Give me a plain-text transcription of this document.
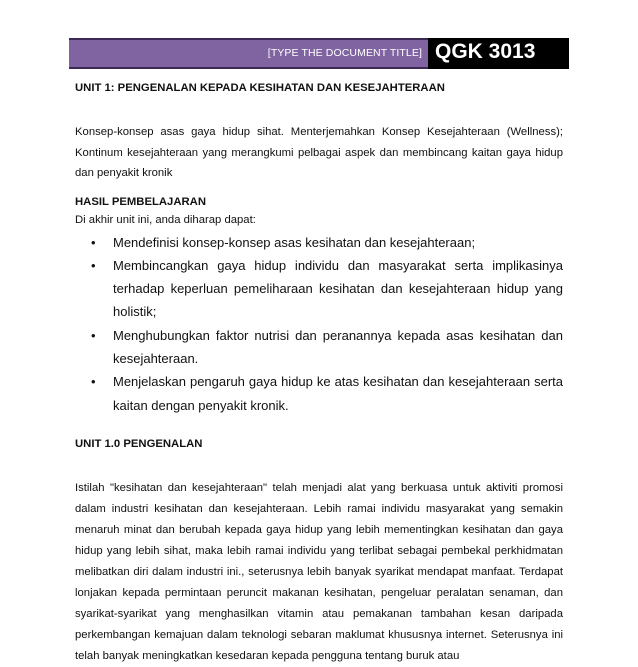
[TYPE THE DOCUMENT TITLE] QGK 3013

UNIT 1: PENGENALAN KEPADA KESIHATAN DAN KESEJAHTERAAN

Konsep-konsep asas gaya hidup sihat. Menterjemahkan Konsep Kesejahteraan (Wellness); Kontinum kesejahteraan yang merangkumi pelbagai aspek dan membincang kaitan gaya hidup dan penyakit kronik

HASIL PEMBELAJARAN

Di akhir unit ini, anda diharap dapat:

• Mendefinisi konsep-konsep asas kesihatan dan kesejahteraan;
• Membincangkan gaya hidup individu dan masyarakat serta implikasinya terhadap keperluan pemeliharaan kesihatan dan kesejahteraan hidup yang holistik;
• Menghubungkan faktor nutrisi dan peranannya kepada asas kesihatan dan kesejahteraan.
• Menjelaskan pengaruh gaya hidup ke atas kesihatan dan kesejahteraan serta kaitan dengan penyakit kronik.

UNIT 1.0 PENGENALAN

Istilah "kesihatan dan kesejahteraan" telah menjadi alat yang berkuasa untuk aktiviti promosi dalam industri kesihatan dan kesejahteraan. Lebih ramai individu masyarakat yang semakin menaruh minat dan berubah kepada gaya hidup yang lebih mementingkan kesihatan dan gaya hidup yang lebih sihat, maka lebih ramai individu yang terlibat sebagai pembekal perkhidmatan melibatkan diri dalam industri ini., seterusnya lebih banyak syarikat mendapat manfaat. Terdapat lonjakan kepada permintaan peruncit makanan kesihatan, pengeluar peralatan senaman, dan syarikat-syarikat yang menghasilkan vitamin atau pemakanan tambahan kesan daripada perkembangan kemajuan dalam teknologi sebaran maklumat khususnya internet. Seterusnya ini telah banyak meningkatkan kesedaran kepada pengguna tentang buruk atau
